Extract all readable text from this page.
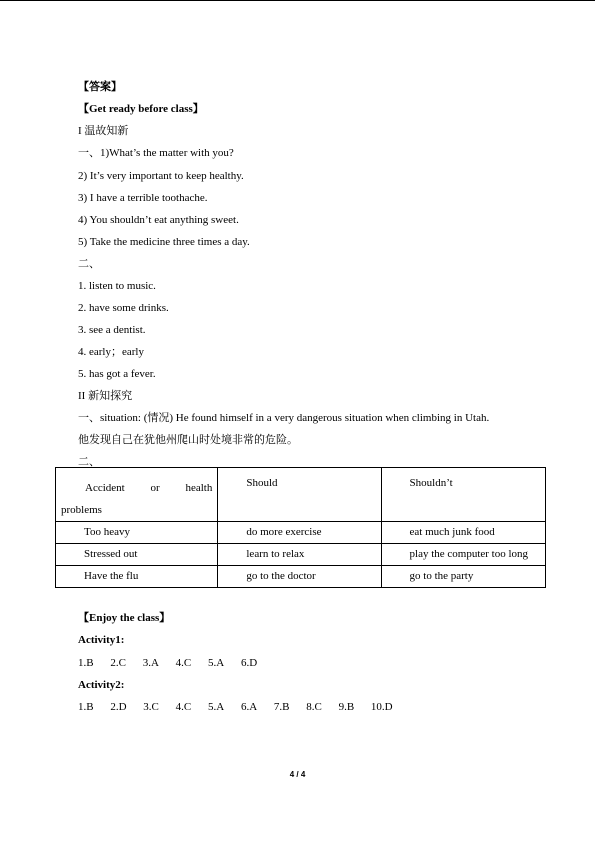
【答案】
【Get ready before class】
I 温故知新
一、1)What’s the matter with you?
2) It’s very important to keep healthy.
3) I have a terrible toothache.
4) You shouldn’t eat anything sweet.
5) Take the medicine three times a day.
二、
1. listen to music.
2. have some drinks.
3. see a dentist.
4. early；early
5. has got a fever.
II 新知探究
一、situation: (情况) He found himself in a very dangerous situation when climbing in Utah.
他发现自己在犹他州爬山时处境非常的危险。
二、
Accident or health
problems	Should	Shouldn’t

Too heavy	do more exercise	eat much junk food

Stressed out	learn to relax	play the computer too long

Have the flu	go to the doctor	go to the party
【Enjoy the class】
Activity1:
1.B 2.C 3.A 4.C 5.A 6.D
Activity2:
1.B 2.D 3.C 4.C 5.A 6.A 7.B 8.C 9.B 10.D
4 / 4
